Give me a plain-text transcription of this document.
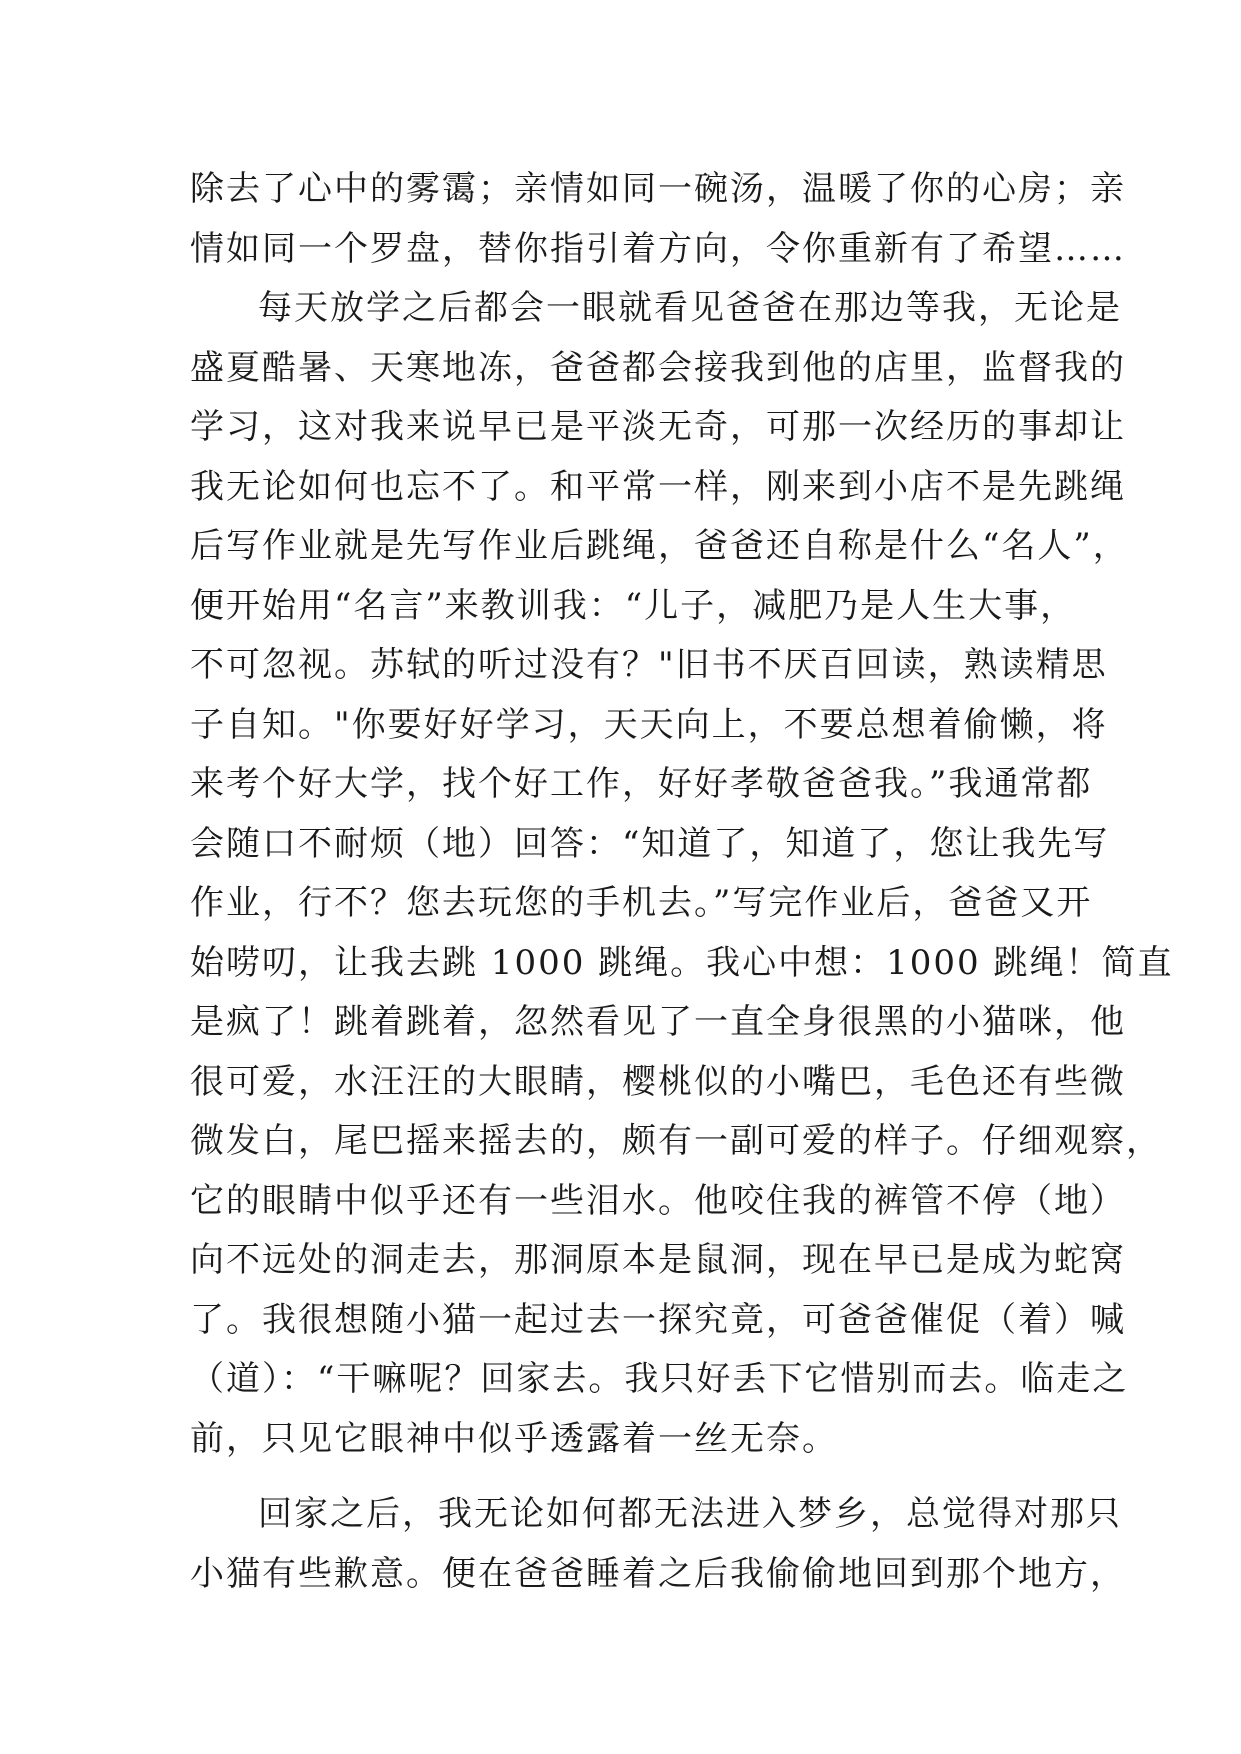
除去了心中的雾霭；亲情如同一碗汤，温暖了你的心房；亲
情如同一个罗盘，替你指引着方向，令你重新有了希望……
每天放学之后都会一眼就看见爸爸在那边等我，无论是
盛夏酷暑、天寒地冻，爸爸都会接我到他的店里，监督我的
学习，这对我来说早已是平淡无奇，可那一次经历的事却让
我无论如何也忘不了。和平常一样，刚来到小店不是先跳绳
后写作业就是先写作业后跳绳，爸爸还自称是什么“名人”，
便开始用“名言”来教训我：“儿子，减肥乃是人生大事，
不可忽视。苏轼的听过没有？"旧书不厌百回读，熟读精思
子自知。"你要好好学习，天天向上，不要总想着偷懒，将
来考个好大学，找个好工作，好好孝敬爸爸我。”我通常都
会随口不耐烦（地）回答：“知道了，知道了，您让我先写
作业，行不？您去玩您的手机去。”写完作业后，爸爸又开
始唠叨，让我去跳 1000 跳绳。我心中想：1000 跳绳！简直
是疯了！跳着跳着，忽然看见了一直全身很黑的小猫咪，他
很可爱，水汪汪的大眼睛，樱桃似的小嘴巴，毛色还有些微
微发白，尾巴摇来摇去的，颇有一副可爱的样子。仔细观察，
它的眼睛中似乎还有一些泪水。他咬住我的裤管不停（地）
向不远处的洞走去，那洞原本是鼠洞，现在早已是成为蛇窝
了。我很想随小猫一起过去一探究竟，可爸爸催促（着）喊
（道）：“干嘛呢？回家去。我只好丢下它惜别而去。临走之
前，只见它眼神中似乎透露着一丝无奈。
回家之后，我无论如何都无法进入梦乡，总觉得对那只
小猫有些歉意。便在爸爸睡着之后我偷偷地回到那个地方，
